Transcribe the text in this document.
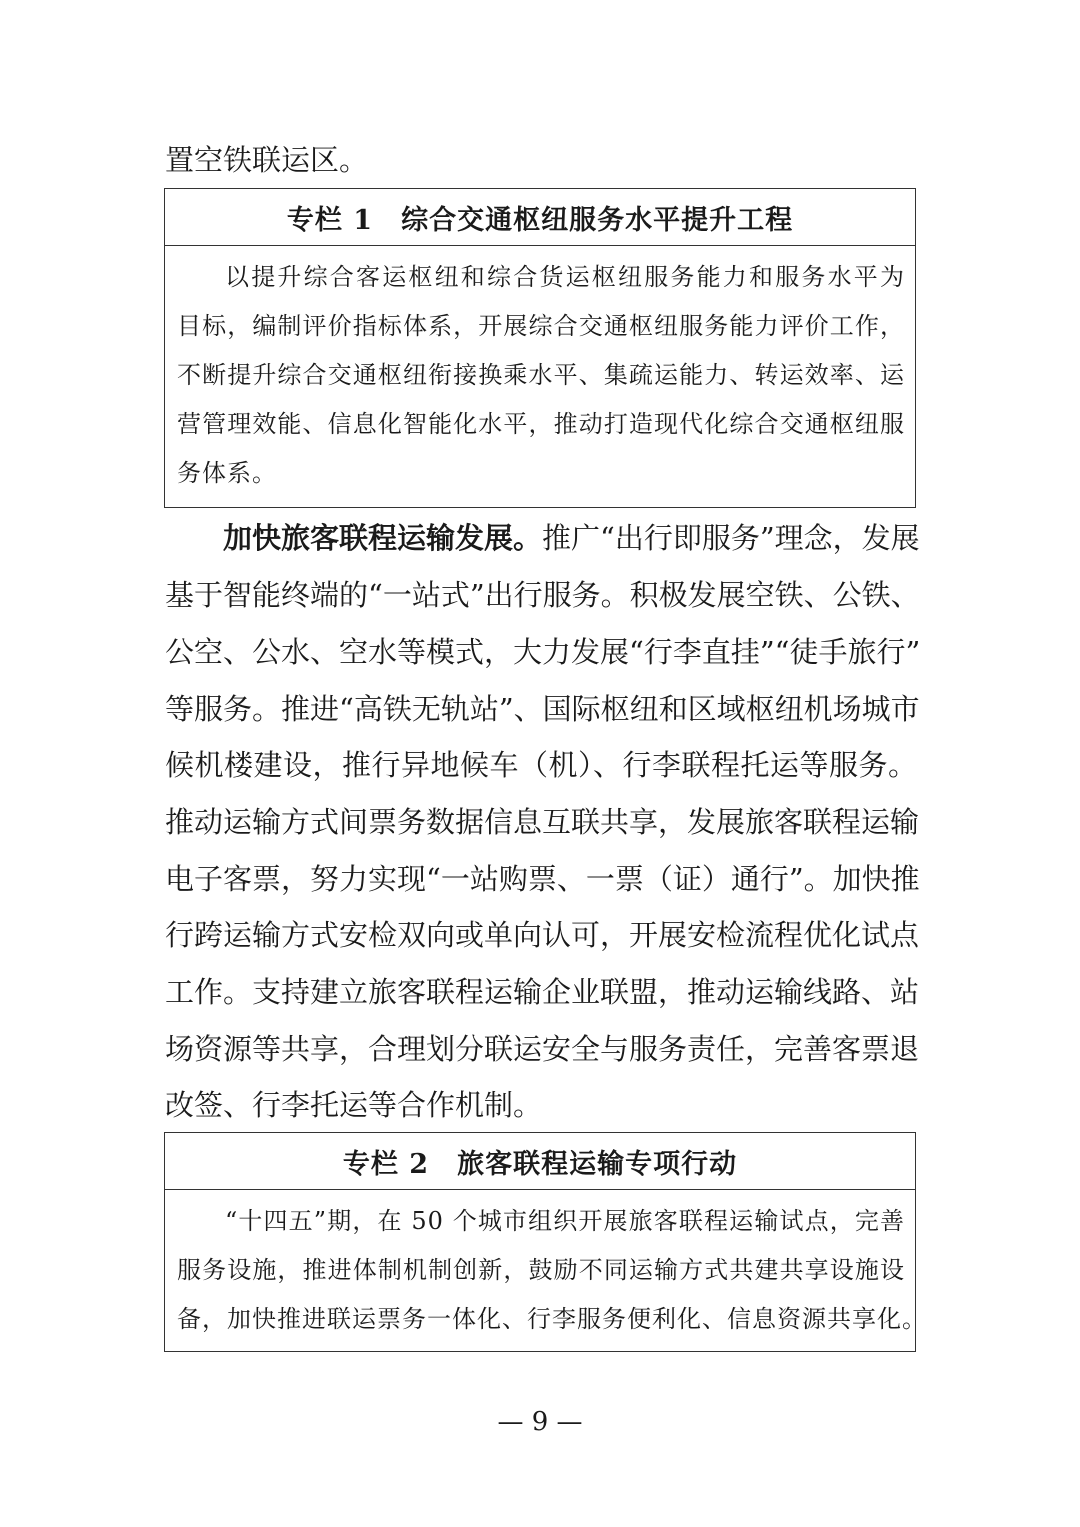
置空铁联运区。
专栏 1 综合交通枢纽服务水平提升工程
以提升综合客运枢纽和综合货运枢纽服务能力和服务水平为
目标，编制评价指标体系，开展综合交通枢纽服务能力评价工作，
不断提升综合交通枢纽衔接换乘水平、集疏运能力、转运效率、运
营管理效能、信息化智能化水平，推动打造现代化综合交通枢纽服
务体系。
加快旅客联程运输发展。推广“出行即服务”理念，发展
基于智能终端的“一站式”出行服务。积极发展空铁、公铁、
公空、公水、空水等模式，大力发展“行李直挂”“徒手旅行”
等服务。推进“高铁无轨站”、国际枢纽和区域枢纽机场城市
候机楼建设，推行异地候车（机）、行李联程托运等服务。
推动运输方式间票务数据信息互联共享，发展旅客联程运输
电子客票，努力实现“一站购票、一票（证）通行”。加快推
行跨运输方式安检双向或单向认可，开展安检流程优化试点
工作。支持建立旅客联程运输企业联盟，推动运输线路、站
场资源等共享，合理划分联运安全与服务责任，完善客票退
改签、行李托运等合作机制。
专栏 2 旅客联程运输专项行动
“十四五”期，在 50 个城市组织开展旅客联程运输试点，完善
服务设施，推进体制机制创新，鼓励不同运输方式共建共享设施设
备，加快推进联运票务一体化、行李服务便利化、信息资源共享化。
— 9 —
